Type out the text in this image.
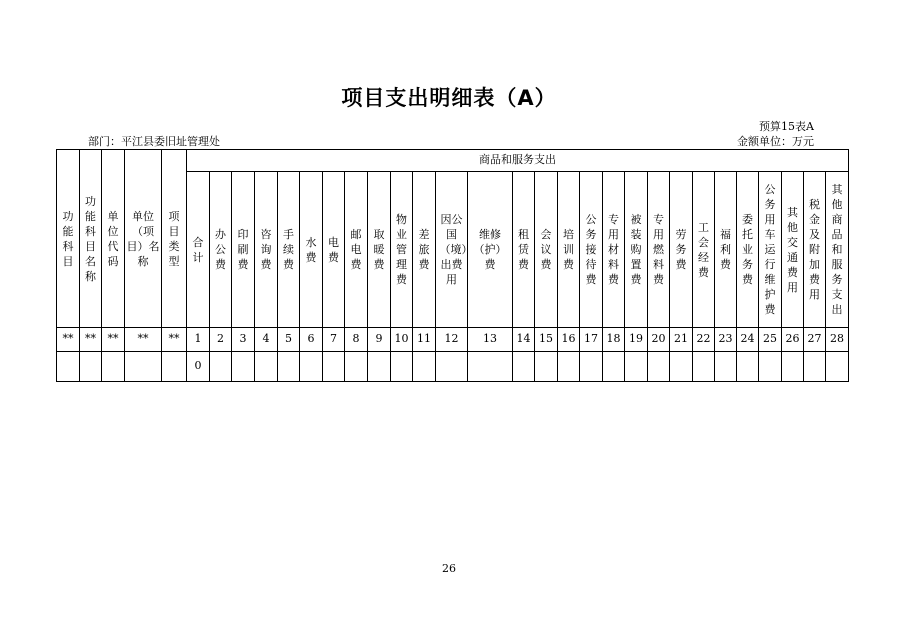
项目支出明细表（A）
预算15表A
部门：平江县委旧址管理处	金额单位：万元
功能科目	功能科目名称	单位代码	单位（项目）名称	项目类型	商品和服务支出																											
					合计	办公费	印刷费	咨询费	手续费	水费	电费	邮电费	取暖费	物业管理费	差旅费	因公国（境）出费用	维修（护）费	租赁费	会议费	培训费	公务接待费	专用材料费	被装购置费	专用燃料费	劳务费	工会经费	福利费	委托业务费	公务用车运行维护费	其他交通费用	税金及附加费用	其他商品和服务支出
**	**	**	**	**	1	2	3	4	5	6	7	8	9	10	11	12	13	14	15	16	17	18	19	20	21	22	23	24	25	26	27	28
					0																											
26
